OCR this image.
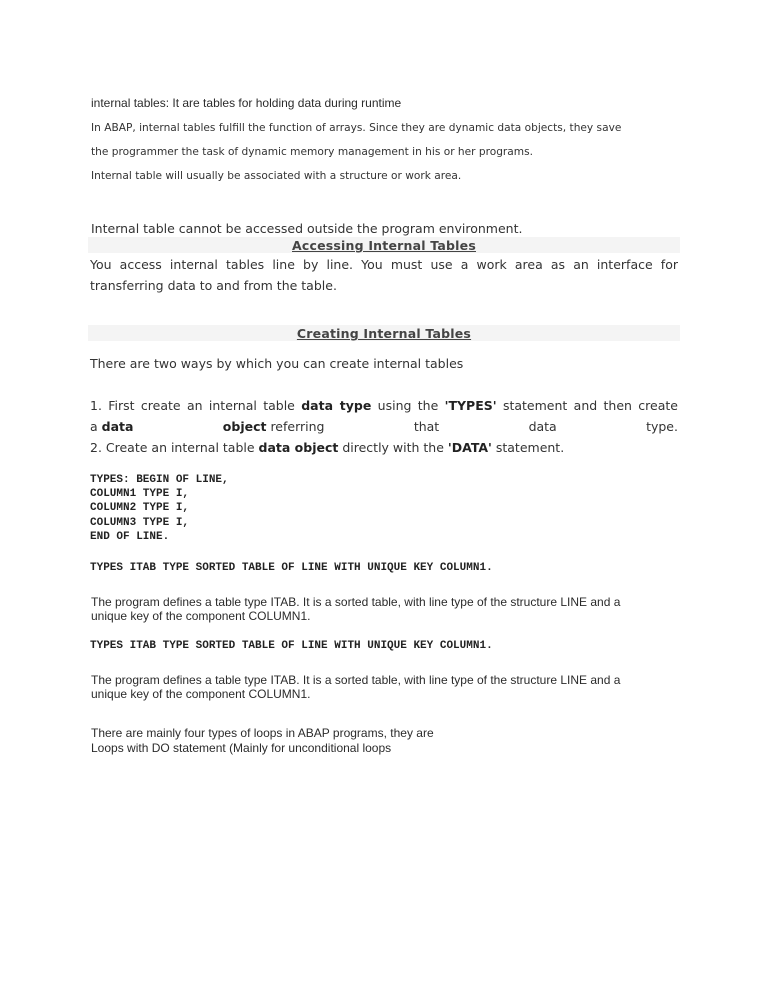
internal tables: It are tables for holding data during runtime
In ABAP, internal tables fulfill the function of arrays. Since they are dynamic data objects, they save
the programmer the task of dynamic memory management in his or her programs.
Internal table will usually be associated with a structure or work area.
Internal table cannot be accessed outside the program environment.
Accessing Internal Tables
You access internal tables line by line. You must use a work area as an interface for
transferring data to and from the table.
Creating Internal Tables
There are two ways by which you can create internal tables
1. First create an internal table data type using the 'TYPES' statement and then create
a data	object referring	that	data	type.
2. Create an internal table data object directly with the 'DATA' statement.
TYPES: BEGIN OF LINE,
COLUMN1 TYPE I,
COLUMN2 TYPE I,
COLUMN3 TYPE I,
END OF LINE.
TYPES ITAB TYPE SORTED TABLE OF LINE WITH UNIQUE KEY COLUMN1.
The program defines a table type ITAB. It is a sorted table, with line type of the structure LINE and a
unique key of the component COLUMN1.
TYPES ITAB TYPE SORTED TABLE OF LINE WITH UNIQUE KEY COLUMN1.
The program defines a table type ITAB. It is a sorted table, with line type of the structure LINE and a
unique key of the component COLUMN1.
There are mainly four types of loops in ABAP programs, they are
Loops with DO statement (Mainly for unconditional loops
